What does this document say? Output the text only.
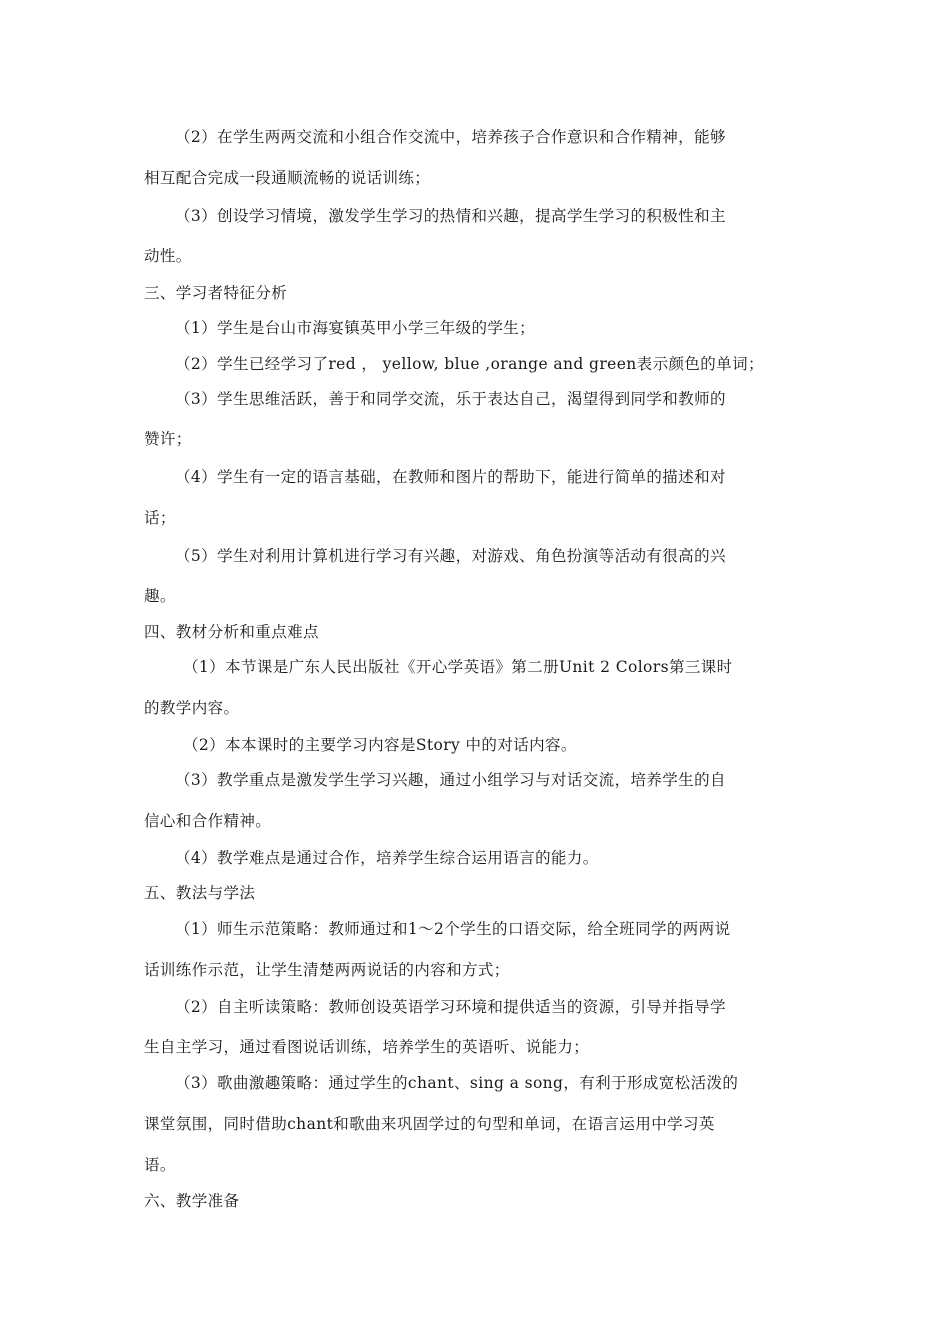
（2）在学生两两交流和小组合作交流中，培养孩子合作意识和合作精神，能够
相互配合完成一段通顺流畅的说话训练；
（3）创设学习情境，激发学生学习的热情和兴趣，提高学生学习的积极性和主
动性。
三、学习者特征分析
（1）学生是台山市海宴镇英甲小学三年级的学生；
（2）学生已经学习了red ， yellow, blue ,orange and green表示颜色的单词；
（3）学生思维活跃，善于和同学交流，乐于表达自己，渴望得到同学和教师的
赞许；
（4）学生有一定的语言基础，在教师和图片的帮助下，能进行简单的描述和对
话；
（5）学生对利用计算机进行学习有兴趣，对游戏、角色扮演等活动有很高的兴
趣。
四、教材分析和重点难点
（1）本节课是广东人民出版社《开心学英语》第二册Unit 2 Colors第三课时
的教学内容。
（2）本本课时的主要学习内容是Story 中的对话内容。
（3）教学重点是激发学生学习兴趣，通过小组学习与对话交流，培养学生的自
信心和合作精神。
（4）教学难点是通过合作，培养学生综合运用语言的能力。
五、教法与学法
（1）师生示范策略：教师通过和1～2个学生的口语交际，给全班同学的两两说
话训练作示范，让学生清楚两两说话的内容和方式；
（2）自主听读策略：教师创设英语学习环境和提供适当的资源，引导并指导学
生自主学习，通过看图说话训练，培养学生的英语听、说能力；
（3）歌曲激趣策略：通过学生的chant、sing a song，有利于形成宽松活泼的
课堂氛围，同时借助chant和歌曲来巩固学过的句型和单词，在语言运用中学习英
语。
六、教学准备
